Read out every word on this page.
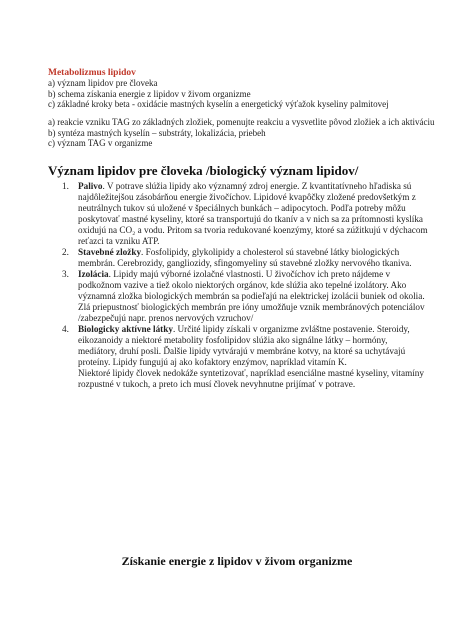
Metabolizmus lipidov
a) význam lipidov pre človeka
b) schema získania energie z lipidov v živom organizme
c) základné kroky beta - oxidácie mastných kyselín a energetický výťažok kyseliny palmitovej
a) reakcie vzniku TAG zo základných zložiek, pomenujte reakciu a vysvetlite pôvod zložiek a ich aktiváciu
b) syntéza mastných kyselín – substráty, lokalizácia, priebeh
c) význam TAG v organizme
Význam lipidov pre človeka /biologický význam lipidov/
1. Palivo. V potrave slúžia lipidy ako významný zdroj energie. Z kvantitatívneho hľadiska sú najdôležitejšou zásobárňou energie živočíchov. Lipidové kvapôčky zložené predovšetkým z neutrálnych tukov sú uložené v špeciálnych bunkách – adipocytoch. Podľa potreby môžu poskytovať mastné kyseliny, ktoré sa transportujú do tkanív a v nich sa za prítomnosti kyslíka oxidujú na CO₂ a vodu. Pritom sa tvoria redukované koenzýmy, ktoré sa zúžitkujú v dýchacom reťazci ta vzniku ATP.

2. Stavebné zložky. Fosfolipidy, glykolipidy a cholesterol sú stavebné látky biologických membrán. Cerebrozidy, gangliozidy, sfingomyeliny sú stavebné zložky nervového tkaniva.

3. Izolácia. Lipidy majú výborné izolačné vlastnosti. U živočíchov ich preto nájdeme v podkožnom vazive a tiež okolo niektorých orgánov, kde slúžia ako tepelné izolátory. Ako významná zložka biologických membrán sa podieľajú na elektrickej izolácii buniek od okolia. Zlá priepustnosť biologických membrán pre ióny umožňuje vznik membránových potenciálov /zabezpečujú napr. prenos nervových vzruchov/

4. Biologicky aktívne látky. Určité lipidy získali v organizme zvláštne postavenie. Steroidy, eikozanoidy a niektoré metabolity fosfolipidov slúžia ako signálne látky – hormóny, mediátory, druhí posli. Ďalšie lipidy vytvárajú v membráne kotvy, na ktoré sa uchytávajú proteíny. Lipidy fungujú aj ako kofaktory enzýmov, napríklad vitamín K.

Niektoré lipidy človek nedokáže syntetizovať, napríklad esenciálne mastné kyseliny, vitamíny rozpustné v tukoch, a preto ich musí človek nevyhnutne prijímať v potrave.

Získanie energie z lipidov v živom organizme
